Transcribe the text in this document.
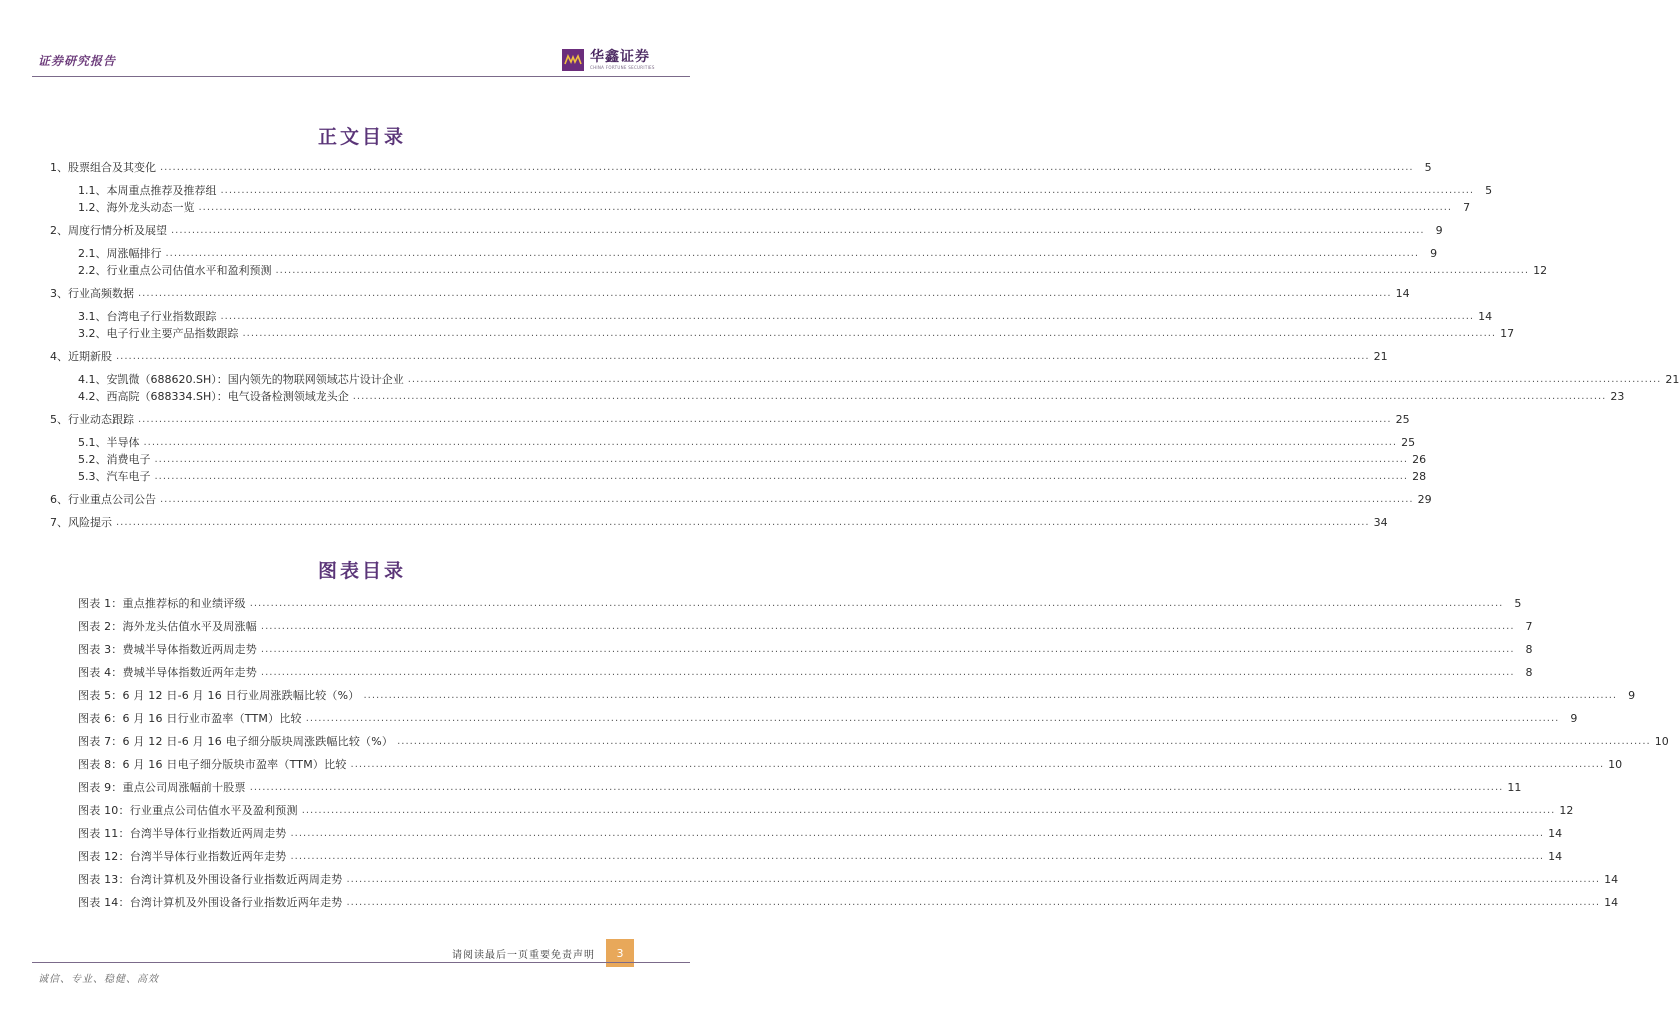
证券研究报告	华鑫证券
CHINA FORTUNE SECURITIES
正文目录
1、 股票组合及其变化 ............................................................................................................................................................................................................................................................................................................	5
1.1、 本周重点推荐及推荐组 ............................................................................................................................................................................................................................................................................................................	5
1.2、 海外龙头动态一览 ............................................................................................................................................................................................................................................................................................................	7
2、 周度行情分析及展望 ............................................................................................................................................................................................................................................................................................................	9
2.1、 周涨幅排行 ............................................................................................................................................................................................................................................................................................................	9
2.2、 行业重点公司估值水平和盈利预测 ............................................................................................................................................................................................................................................................................................................ 12
3、 行业高频数据 ............................................................................................................................................................................................................................................................................................................ 14
3.1、 台湾电子行业指数跟踪 ............................................................................................................................................................................................................................................................................................................ 14
3.2、 电子行业主要产品指数跟踪 ............................................................................................................................................................................................................................................................................................................ 17
4、 近期新股 ............................................................................................................................................................................................................................................................................................................ 21
4.1、 安凯微（688620.SH）：国内领先的物联网领域芯片设计企业 ............................................................................................................................................................................................................................................................................................................ 21
4.2、 西高院（688334.SH）：电气设备检测领域龙头企 ............................................................................................................................................................................................................................................................................................................ 23
5、 行业动态跟踪 ............................................................................................................................................................................................................................................................................................................ 25
5.1、 半导体 ............................................................................................................................................................................................................................................................................................................ 25
5.2、 消费电子 ............................................................................................................................................................................................................................................................................................................ 26
5.3、 汽车电子 ............................................................................................................................................................................................................................................................................................................ 28
6、 行业重点公司公告 ............................................................................................................................................................................................................................................................................................................ 29
7、 风险提示 ............................................................................................................................................................................................................................................................................................................ 34
图表目录
图表 1：重点推荐标的和业绩评级 ............................................................................................................................................................................................................................................................................................................	5
图表 2：海外龙头估值水平及周涨幅 ............................................................................................................................................................................................................................................................................................................	7
图表 3：费城半导体指数近两周走势 ............................................................................................................................................................................................................................................................................................................	8
图表 4：费城半导体指数近两年走势 ............................................................................................................................................................................................................................................................................................................	8
图表 5：6 月 12 日-6 月 16 日行业周涨跌幅比较（%） ............................................................................................................................................................................................................................................................................................................	9
图表 6：6 月 16 日行业市盈率（TTM）比较 ............................................................................................................................................................................................................................................................................................................	9
图表 7：6 月 12 日-6 月 16 电子细分版块周涨跌幅比较（%） ............................................................................................................................................................................................................................................................................................................ 10
图表 8：6 月 16 日电子细分版块市盈率（TTM）比较 ............................................................................................................................................................................................................................................................................................................ 10
图表 9：重点公司周涨幅前十股票 ............................................................................................................................................................................................................................................................................................................ 11
图表 10：行业重点公司估值水平及盈利预测 ............................................................................................................................................................................................................................................................................................................ 12
图表 11：台湾半导体行业指数近两周走势 ............................................................................................................................................................................................................................................................................................................ 14
图表 12：台湾半导体行业指数近两年走势 ............................................................................................................................................................................................................................................................................................................ 14
图表 13：台湾计算机及外围设备行业指数近两周走势 ............................................................................................................................................................................................................................................................................................................ 14
图表 14：台湾计算机及外围设备行业指数近两年走势 ............................................................................................................................................................................................................................................................................................................ 14
请阅读最后一页重要免责声明	3
诚信、专业、稳健、高效
